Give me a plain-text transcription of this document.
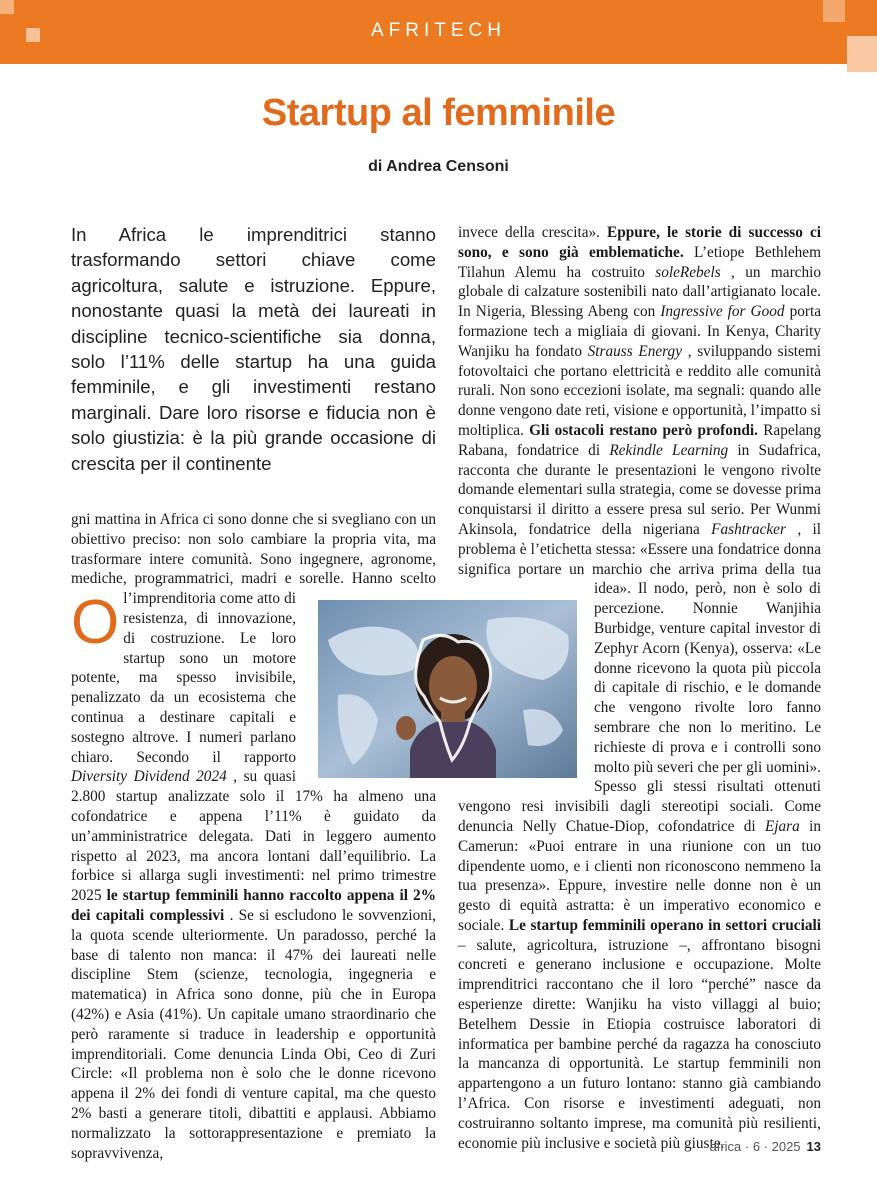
AFRITECH
Startup al femminile
di Andrea Censoni
In Africa le imprenditrici stanno trasformando settori chiave come agricoltura, salute e istruzione. Eppure, nonostante quasi la metà dei laureati in discipline tecnico-scientifiche sia donna, solo l’11% delle startup ha una guida femminile, e gli investimenti restano marginali. Dare loro risorse e fiducia non è solo giustizia: è la più grande occasione di crescita per il continente

O
gni mattina in Africa ci sono donne che si svegliano con un obiettivo preciso: non solo cambiare la propria vita, ma trasformare intere comunità. Sono ingegnere, agronome, mediche, programmatrici, madri e sorelle. Hanno scelto l’imprenditoria come atto di resistenza, di innovazione, di costruzione. Le loro startup sono un motore potente, ma spesso invisibile, penalizzato da un ecosistema che continua a destinare capitali e sostegno altrove. I numeri parlano chiaro. Secondo il rapporto Diversity Dividend 2024 , su quasi 2.800 startup analizzate solo il 17% ha almeno una cofondatrice e appena l’11% è guidato da un’amministratrice delegata. Dati in leggero aumento rispetto al 2023, ma ancora lontani dall’equilibrio. La forbice si allarga sugli investimenti: nel primo trimestre 2025 le startup femminili hanno raccolto appena il 2% dei capitali complessivi . Se si escludono le sovvenzioni, la quota scende ulteriormente. Un paradosso, perché la base di talento non manca: il 47% dei laureati nelle discipline Stem (scienze, tecnologia, ingegneria e matematica) in Africa sono donne, più che in Europa (42%) e Asia (41%). Un capitale umano straordinario che però raramente si traduce in leadership e opportunità imprenditoriali. Come denuncia Linda Obi, Ceo di Zuri Circle: «Il problema non è solo che le donne ricevono appena il 2% dei fondi di venture capital, ma che questo 2% basti a generare titoli, dibattiti e applausi. Abbiamo normalizzato la sottorappresentazione e premiato la sopravvivenza,

invece della crescita». Eppure, le storie di successo ci sono, e sono già emblematiche. L’etiope Bethlehem Tilahun Alemu ha costruito soleRebels , un marchio globale di calzature sostenibili nato dall’artigianato locale. In Nigeria, Blessing Abeng con Ingressive for Good porta formazione tech a migliaia di giovani. In Kenya, Charity Wanjiku ha fondato Strauss Energy , sviluppando sistemi fotovoltaici che portano elettricità e reddito alle comunità rurali. Non sono eccezioni isolate, ma segnali: quando alle donne vengono date reti, visione e opportunità, l’impatto si moltiplica. Gli ostacoli restano però profondi. Rapelang Rabana, fondatrice di Rekindle Learning in Sudafrica, racconta che durante le presentazioni le vengono rivolte domande elementari sulla strategia, come se dovesse prima conquistarsi il diritto a essere presa sul serio. Per Wunmi Akinsola, fondatrice della nigeriana Fashtracker , il problema è l’etichetta stessa: «Essere una fondatrice donna significa portare un marchio che arriva prima della tua idea». Il nodo, però, non è solo di percezione. Nonnie Wanjihia Burbidge, venture capital investor di Zephyr Acorn (Kenya), osserva: «Le donne ricevono la quota più piccola di capitale di rischio, e le domande che vengono rivolte loro fanno sembrare che non lo meritino. Le richieste di prova e i controlli sono molto più severi che per gli uomini». Spesso gli stessi risultati ottenuti vengono resi invisibili dagli stereotipi sociali. Come denuncia Nelly Chatue-Diop, cofondatrice di Ejara in Camerun: «Puoi entrare in una riunione con un tuo dipendente uomo, e i clienti non riconoscono nemmeno la tua presenza». Eppure, investire nelle donne non è un gesto di equità astratta: è un imperativo economico e sociale. Le startup femminili operano in settori cruciali – salute, agricoltura, istruzione –, affrontano bisogni concreti e generano inclusione e occupazione. Molte imprenditrici raccontano che il loro “perché” nasce da esperienze dirette: Wanjiku ha visto villaggi al buio; Betelhem Dessie in Etiopia costruisce laboratori di informatica per bambine perché da ragazza ha conosciuto la mancanza di opportunità. Le startup femminili non appartengono a un futuro lontano: stanno già cambiando l’Africa. Con risorse e investimenti adeguati, non costruiranno soltanto imprese, ma comunità più resilienti, economie più inclusive e società più giuste.

africa · 6 · 2025 13
